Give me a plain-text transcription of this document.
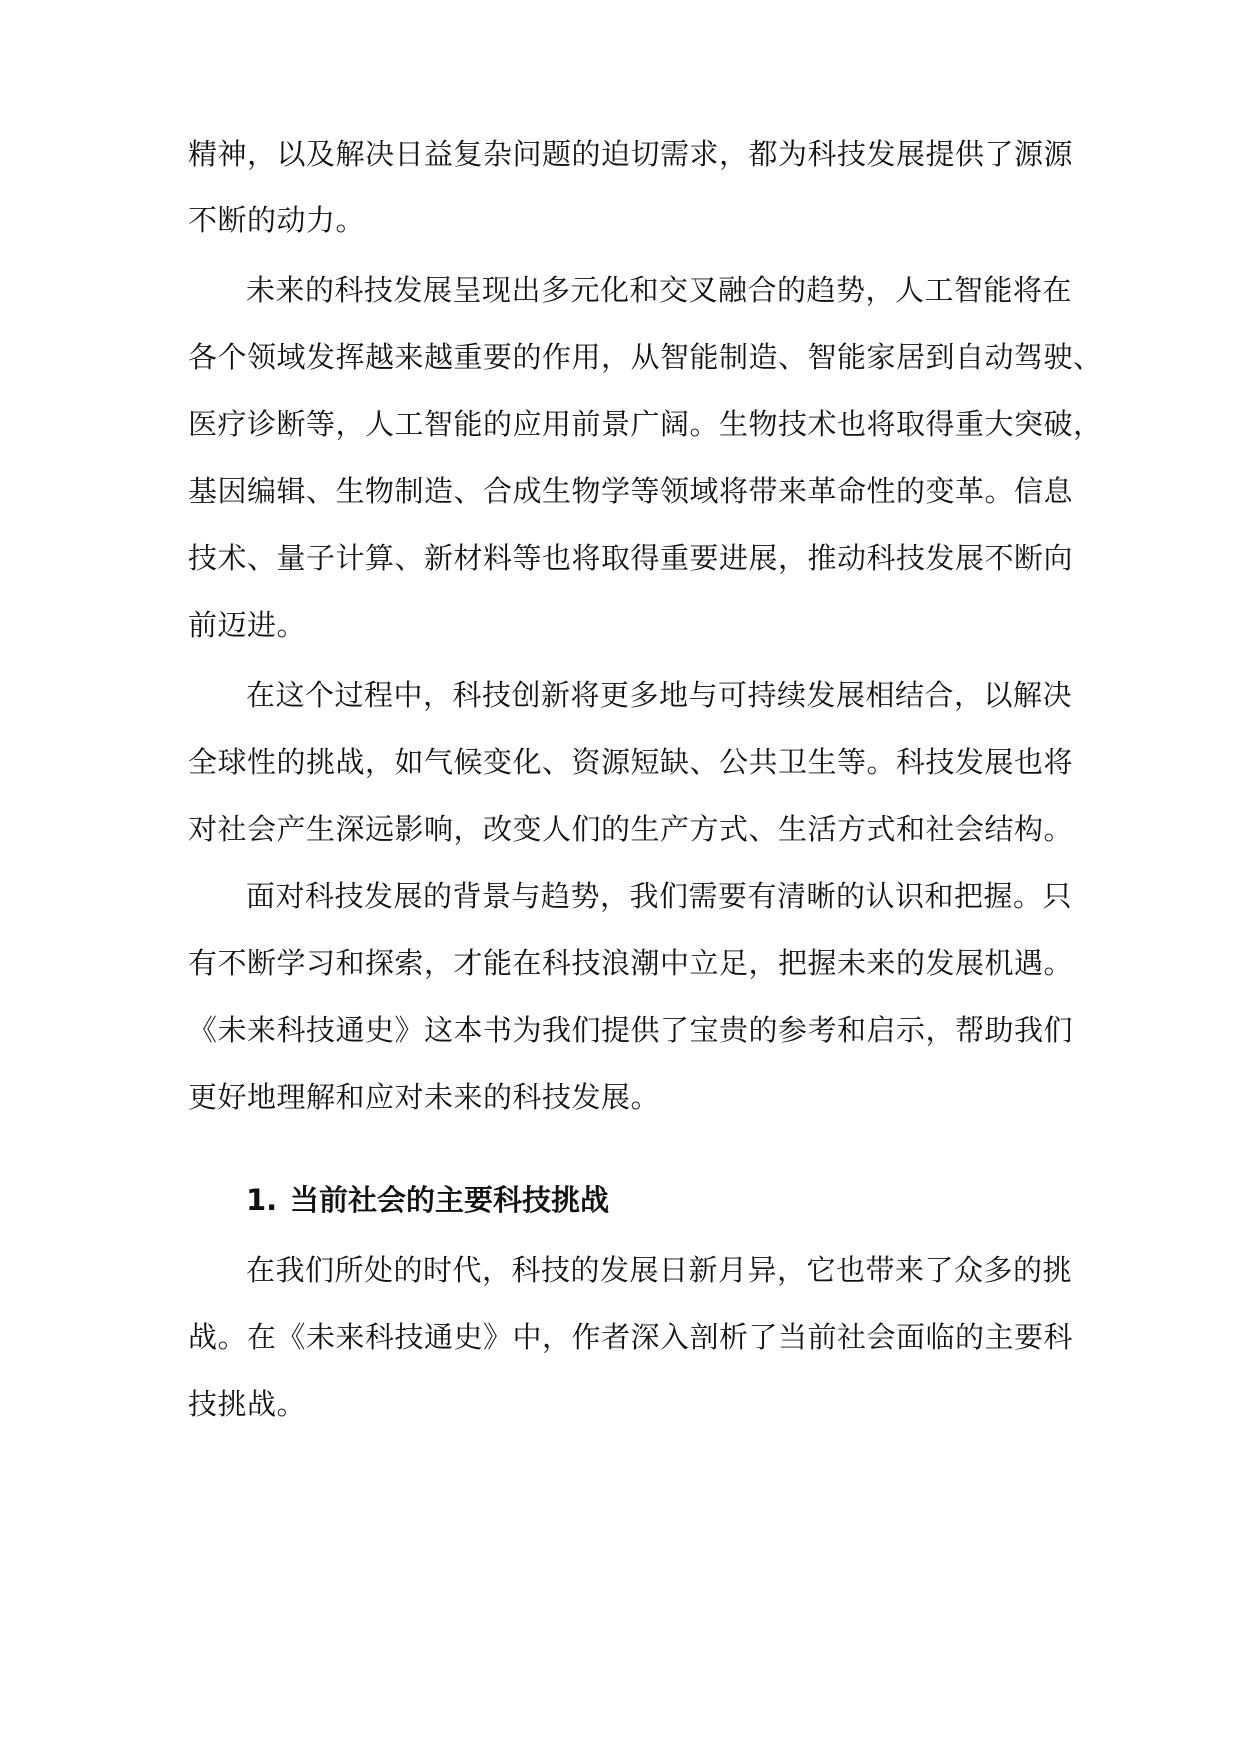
精神，以及解决日益复杂问题的迫切需求，都为科技发展提供了源源
不断的动力。
未来的科技发展呈现出多元化和交叉融合的趋势，人工智能将在
各个领域发挥越来越重要的作用，从智能制造、智能家居到自动驾驶、
医疗诊断等，人工智能的应用前景广阔。生物技术也将取得重大突破，
基因编辑、生物制造、合成生物学等领域将带来革命性的变革。信息
技术、量子计算、新材料等也将取得重要进展，推动科技发展不断向
前迈进。
在这个过程中，科技创新将更多地与可持续发展相结合，以解决
全球性的挑战，如气候变化、资源短缺、公共卫生等。科技发展也将
对社会产生深远影响，改变人们的生产方式、生活方式和社会结构。
面对科技发展的背景与趋势，我们需要有清晰的认识和把握。只
有不断学习和探索，才能在科技浪潮中立足，把握未来的发展机遇。
《未来科技通史》这本书为我们提供了宝贵的参考和启示，帮助我们
更好地理解和应对未来的科技发展。
1. 当前社会的主要科技挑战
在我们所处的时代，科技的发展日新月异，它也带来了众多的挑
战。在《未来科技通史》中，作者深入剖析了当前社会面临的主要科
技挑战。
